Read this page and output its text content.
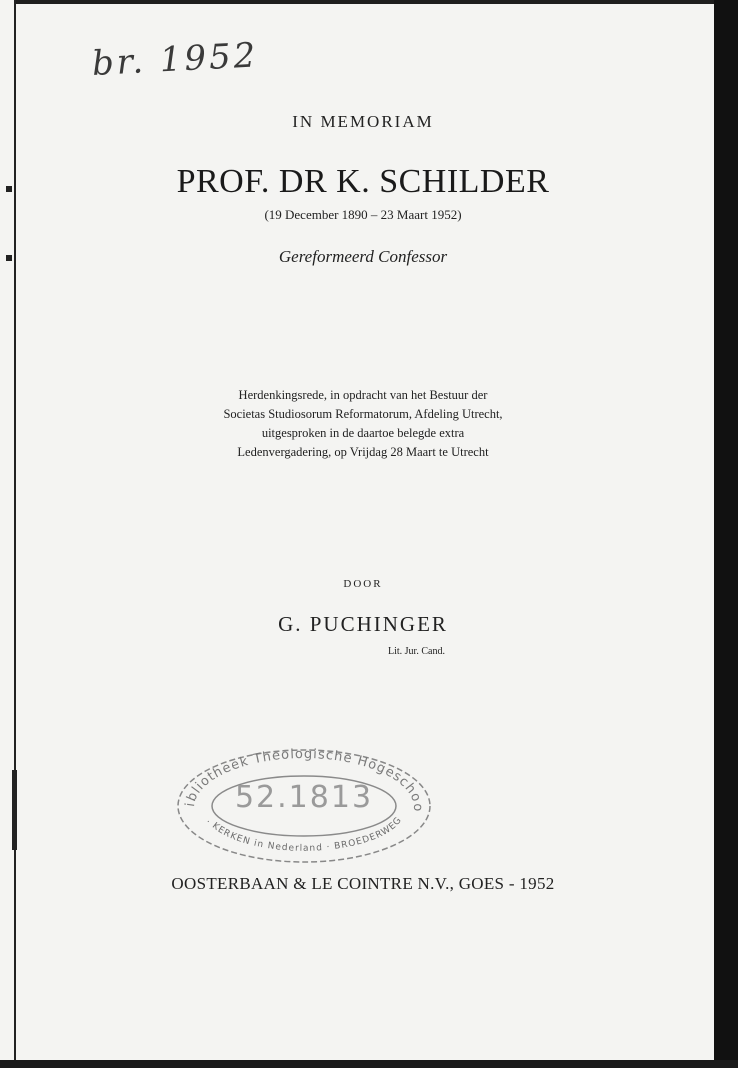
br. 1952
IN MEMORIAM
PROF. DR K. SCHILDER
(19 December 1890 – 23 Maart 1952)
Gereformeerd Confessor
Herdenkingsrede, in opdracht van het Bestuur der
Societas Studiosorum Reformatorum, Afdeling Utrecht,
uitgesproken in de daartoe belegde extra
Ledenvergadering, op Vrijdag 28 Maart te Utrecht
DOOR
G. PUCHINGER
Lit. Jur. Cand.
ibliotheek Theologische Hogeschoo
. KERKEN in Nederland · BROEDERWEG
52.1813
OOSTERBAAN & LE COINTRE N.V., GOES - 1952
